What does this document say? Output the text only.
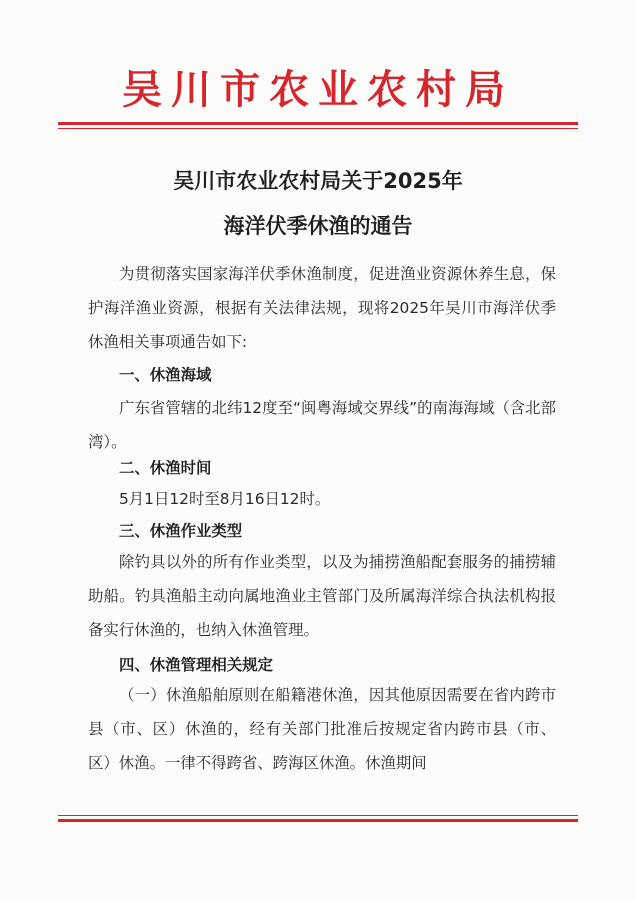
吴川市农业农村局
吴川市农业农村局关于2025年
海洋伏季休渔的通告

为贯彻落实国家海洋伏季休渔制度，促进渔业资源休养生息，保护海洋渔业资源，根据有关法律法规，现将2025年吴川市海洋伏季休渔相关事项通告如下:

一、休渔海域

广东省管辖的北纬12度至“闽粤海域交界线”的南海海域（含北部湾）。

二、休渔时间

5月1日12时至8月16日12时。

三、休渔作业类型

除钓具以外的所有作业类型，以及为捕捞渔船配套服务的捕捞辅助船。钓具渔船主动向属地渔业主管部门及所属海洋综合执法机构报备实行休渔的，也纳入休渔管理。

四、休渔管理相关规定

（一）休渔船舶原则在船籍港休渔，因其他原因需要在省内跨市县（市、区）休渔的，经有关部门批准后按规定省内跨市县（市、区）休渔。一律不得跨省、跨海区休渔。休渔期间
